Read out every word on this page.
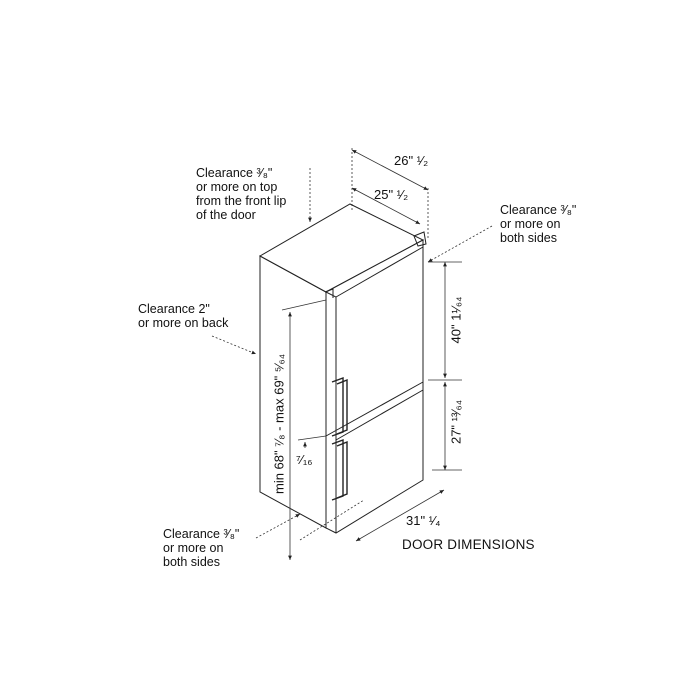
Clearance ³⁄₈"
or more on top
from the front lip
of the door
Clearance 2"
or more on back
Clearance ³⁄₈"
or more on
both sides
Clearance ³⁄₈"
or more on
both sides
26" ¹⁄₂
25" ¹⁄₂
40" 1¹⁄₆₄
27" ¹³⁄₆₄
min 68" ⁷⁄₈ - max 69" ⁵⁄₆₄ ⁷⁄₁₆
31" ¹⁄₄
DOOR DIMENSIONS
